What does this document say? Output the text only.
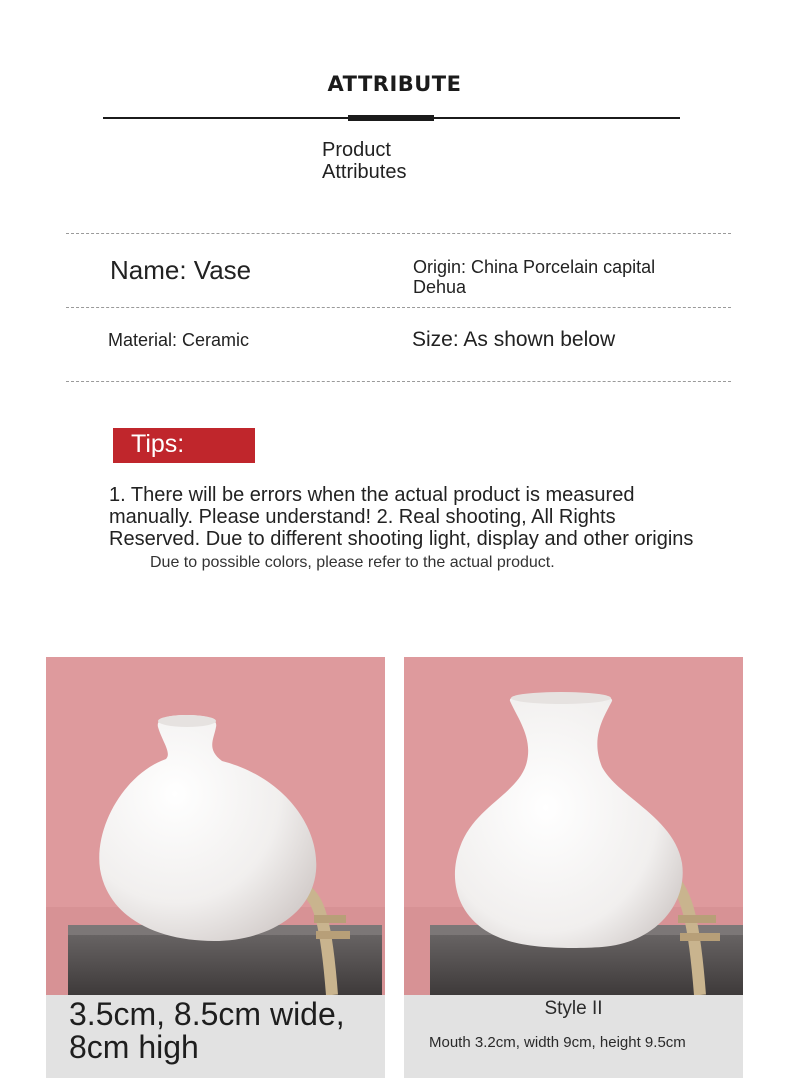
ATTRIBUTE
Product
Attributes
Name: Vase	Origin: China Porcelain capital Dehua
Material: Ceramic	Size: As shown below
Tips:
1. There will be errors when the actual product is measured manually. Please understand! 2. Real shooting, All Rights Reserved. Due to different shooting light, display and other origins
Due to possible colors, please refer to the actual product.
3.5cm, 8.5cm wide, 8cm high
Style II
Mouth 3.2cm, width 9cm, height 9.5cm
